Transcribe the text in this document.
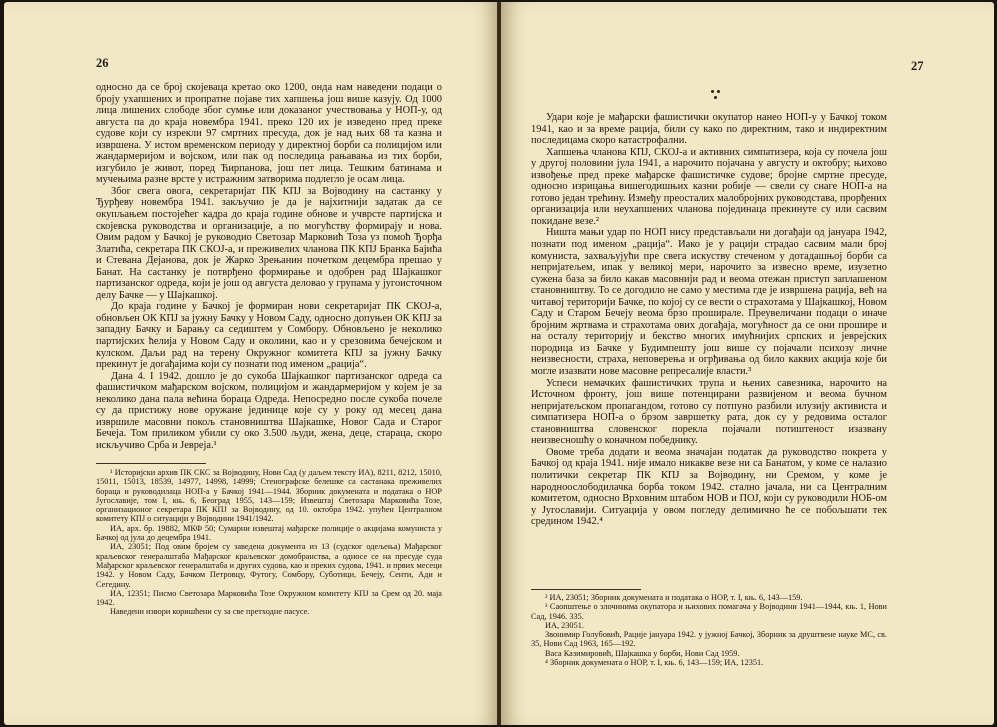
26

односно да се број скојеваца кретао око 1200, онда нам наведени подаци о броју ухапшених и пропратне појаве тих хапшења још више казују. Од 1000 лица лишених слободе због сумње или доказаног учествовања у НОП-у, од августа па до краја новембра 1941. преко 120 их је изведено пред преке судове који су изрекли 97 смртних пресуда, док је над њих 68 та казна и извршена. У истом временском периоду у директној борби са полицијом или жандармеријом и војском, или пак од последица рањавања из тих борби, изгубило је живот, поред Ћирпанова, још пет лица. Тешким батинама и мучењима разне врсте у истражним затворима подлегло је осам лица.

Због свега овога, секретаријат ПК КПЈ за Војводину на састанку у Ђурђеву новембра 1941. закључио је да је најхитнији задатак да се окупљањем постојећег кадра до краја године обнове и учврсте партијска и скојевска руководства и организације, а по могућству формирају и нова. Овим радом у Бачкој је руководио Светозар Марковић Тоза уз помоћ Ђорђа Златића, секретара ПК СКОЈ-а, и преживелих чланова ПК КПЈ Бранка Бајића и Стевана Дејанова, док је Жарко Зрењанин почетком децембра прешао у Банат. На састанку је потврђено формирање и одобрен рад Шајкашког партизанског одреда, који је још од августа деловао у групама у југоисточном делу Бачке — у Шајкашкој.

До краја године у Бачкој је формиран нови секретаријат ПК СКОЈ-а, обновљен ОК КПЈ за јужну Бачку у Новом Саду, односно допуњен ОК КПЈ за западну Бачку и Барању са седиштем у Сомбору. Обновљено је неколико партијских ћелија у Новом Саду и околини, као и у срезовима бечејском и кулском. Даљи рад на терену Окружног комитета КПЈ за јужну Бачку прекинут је догађајима који су познати под именом „рација“.

Дана 4. I 1942. дошло је до сукоба Шајкашког партизанског одреда са фашистичком мађарском војском, полицијом и жандармеријом у којем је за неколико дана пала већина бораца Одреда. Непосредно после сукоба почеле су да пристижу нове оружане јединице које су у року од месец дана извршиле масовни покољ становништва Шајкашке, Новог Сада и Старог Бечеја. Том приликом убили су око 3.500 људи, жена, деце, стараца, скоро искључиво Срба и Јевреја.¹

¹ Историјски архив ПК СКС за Војводину, Нови Сад (у даљем тексту ИА), 8211, 8212, 15010, 15011, 15013, 18539, 14977, 14998, 14999; Стенографске белешке са састанака преживелих бораца и руководилаца НОП-а у Бачкој 1941—1944. Зборник докумената и података о НОР Југославије, том I, књ. 6, Београд 1955, 143—159; Извештај Светозара Марковића Тозе, организационог секретара ПК КПЈ за Војводину, од 10. октобра 1942. упућен Централном комитету КПЈ о ситуацији у Војводини 1941/1942.

ИА, арх. бр. 19882, МКФ 50; Сумарни извештај мађарске полиције о акцијама комуниста у Бачкој од јула до децембра 1941.

ИА, 23051; Под овим бројем су заведена документа из 13 (судског одељења) Мађарског краљевског генералштаба Мађарског краљевског домобранства, а односе се на пресуде суда Мађарског краљевског генералштаба и других судова, као и преких судова, 1941. и првих месеци 1942. у Новом Саду, Бачком Петровцу, Футогу, Сомбору, Суботици, Бечеју, Сенти, Ади и Сегедину.

ИА, 12351; Писмо Светозара Марковића Тозе Окружном комитету КПЈ за Срем од 20. маја 1942.

Наведени извори коришћени су за све претходне пасусе.

27

Удари које је мађарски фашистички окупатор нанео НОП-у у Бачкој током 1941, као и за време рација, били су како по директним, тако и индиректним последицама скоро катастрофални.

Хапшења чланова КПЈ, СКОЈ-а и активних симпатизера, која су почела још у другој половини јула 1941, а нарочито појачана у августу и октобру; њихово извођење пред преке мађарске фашистичке судове; бројне смртне пресуде, односно изрицања вишегодишњих казни робије — свели су снаге НОП-а на готово један трећину. Између преосталих малобројних руководстава, прорђених организација или неухапшених чланова појединаца прекинуте су или сасвим покидане везе.²

Ништа мањи удар по НОП нису представљали ни догађаји од јануара 1942, познати под именом „рација“. Иако је у рацији страдао сасвим мали број комуниста, захваљујући пре свега искуству стеченом у дотадашњој борби са непријатељем, ипак у великој мери, нарочито за извесно време, изузетно сужена база за било какав масовнији рад и веома отежан приступ заплашеном становништву. То се догодило не само у местима где је извршена рација, већ на читавој територији Бачке, по којој су се вести о страхотама у Шајкашкој, Новом Саду и Старом Бечеју веома брзо проширале. Преувеличани подаци о иначе бројним жртвама и страхотама ових догађаја, могућност да се они прошире и на осталу територију и бекство многих имућнијих српских и јеврејских породица из Бачке у Будимпешту још више су појачали психозу личне неизвесности, страха, неповерења и огрђивања од било каквих акција које би могле изазвати нове масовне репресалије власти.³

Успеси немачких фашистичких трупа и њених савезника, нарочито на Источном фронту, још више потенцирани развијеном и веома бучном непријатељском пропагандом, готово су потпуно разбили илузију активиста и симпатизера НОП-а о брзом завршетку рата, док су у редовима осталог становништва словенског порекла појачали потиштеност изазвану неизвесношћу о коначном победнику.

Овоме треба додати и веома значајан податак да руководство покрета у Бачкој од краја 1941. није имало никакве везе ни са Банатом, у коме се налазио политички секретар ПК КПЈ за Војводину, ни Сремом, у коме је народноослободилачка борба током 1942. стално јачала, ни са Централним комитетом, односно Врховним штабом НОВ и ПОЈ, који су руководили НОБ-ом у Југославији. Ситуација у овом погледу делимично ће се побољшати тек средином 1942.⁴

² ИА, 23051; Зборник докумената и података о НОР, т. I, књ. 6, 143—159.

³ Саопштење о злочинима окупатора и њихових помагача у Војводини 1941—1944, књ. 1, Нови Сад, 1946. 335.

ИА, 23051.

Звонимир Голубовић, Рације јануара 1942. у јужној Бачкој, Зборник за друштвене науке МС, св. 35, Нови Сад 1963, 165—192.

Васа Казимировић, Шајкашка у борби, Нови Сад 1959.

⁴ Зборник докумената о НОР, т. I, књ. 6, 143—159; ИА, 12351.
